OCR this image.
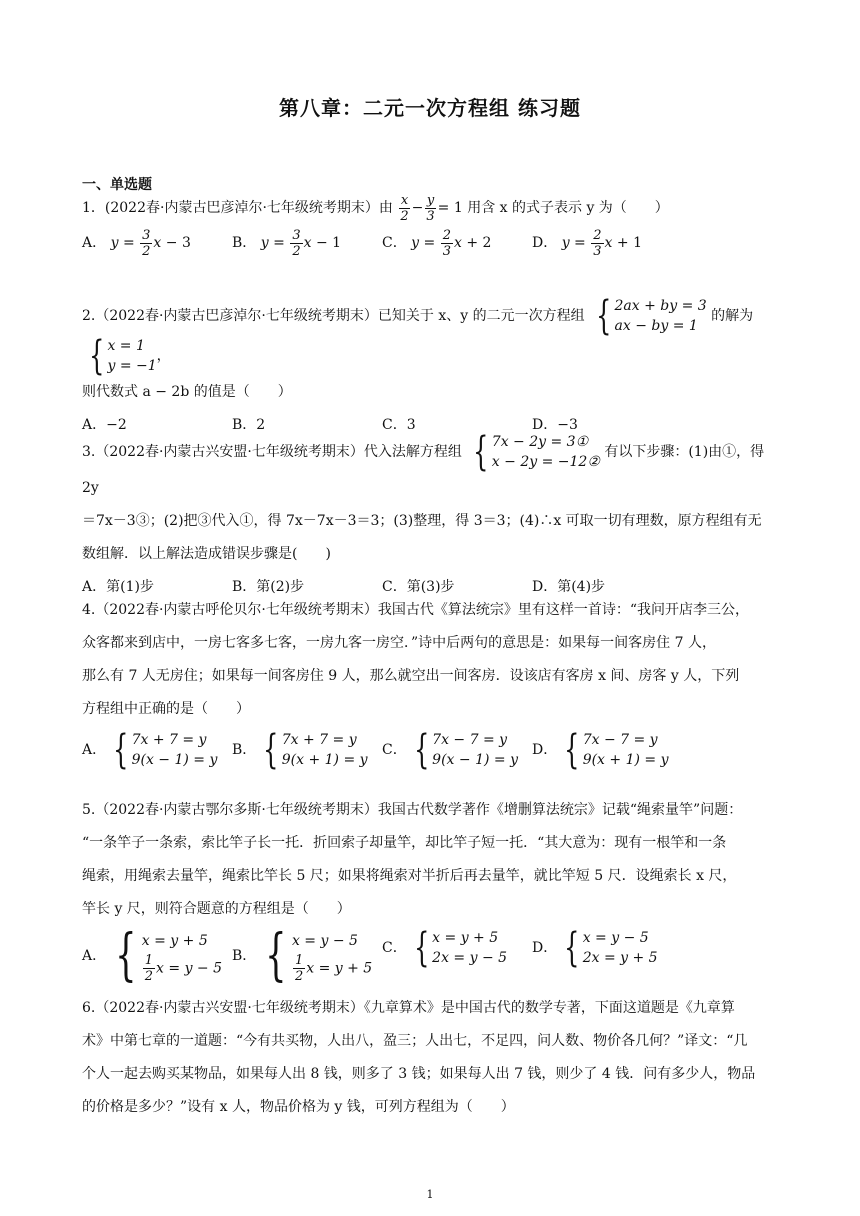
第八章：二元一次方程组 练习题
一、单选题

1．(2022春·内蒙古巴彦淖尔·七年级统考期末）由 $\frac{x}{2} - \frac{y}{3} = 1$ 用含 x 的式子表示 y 为（　　）

A． $y = \frac{3}{2}$ x − 3	B． $y = \frac{3}{2}$ x − 1	C． $y = \frac{2}{3}$ x + 2	D． $y = \frac{2}{3}$ x + 1

2.（2022春·内蒙古巴彦淖尔·七年级统考期末）已知关于 x、y 的二元一次方程组 { 2ax + by = 3
ax − by = 1
的解为
{ x = 1
y = −1
，

则代数式 a − 2b 的值是（　　）

A．−2	B．2	C．3	D．−3

3.（2022春·内蒙古兴安盟·七年级统考期末）代入法解方程组 { 7x − 2y = 3①
x − 2y = −12②
有以下步骤：(1)由①，得 2y

＝7x－3③；(2)把③代入①，得 7x－7x－3＝3；(3)整理，得 3＝3；(4)∴x 可取一切有理数，原方程组有无

数组解．以上解法造成错误步骤是(　　)

A．第(1)步	B．第(2)步	C．第(3)步	D．第(4)步

4.（2022春·内蒙古呼伦贝尔·七年级统考期末）我国古代《算法统宗》里有这样一首诗：“我问开店李三公，

众客都来到店中，一房七客多七客，一房九客一房空．”诗中后两句的意思是：如果每一间客房住 7 人，

那么有 7 人无房住；如果每一间客房住 9 人，那么就空出一间客房．设该店有客房 x 间、房客 y 人，下列

方程组中正确的是（　　）

A． { 7x + 7 = y
9(x − 1) = y
B． { 7x + 7 = y
9(x + 1) = y
C． { 7x − 7 = y
9(x − 1) = y
D． { 7x − 7 = y
9(x + 1) = y

5.（2022春·内蒙古鄂尔多斯·七年级统考期末）我国古代数学著作《增删算法统宗》记载“绳索量竿”问题：

“一条竿子一条索，索比竿子长一托．折回索子却量竿，却比竿子短一托．“其大意为：现有一根竿和一条

绳索，用绳索去量竿，绳索比竿长 5 尺；如果将绳索对半折后再去量竿，就比竿短 5 尺．设绳索长 x 尺，

竿长 y 尺，则符合题意的方程组是（　　）

A． { x = y + 5
$\frac{1}{2}$ x = y − 5
B． { x = y − 5
$\frac{1}{2}$ x = y + 5
C． { x = y + 5
2x = y − 5
D． { x = y − 5
2x = y + 5

6.（2022春·内蒙古兴安盟·七年级统考期末）《九章算术》是中国古代的数学专著，下面这道题是《九章算

术》中第七章的一道题：“今有共买物，人出八，盈三；人出七，不足四，问人数、物价各几何？”译文：“几

个人一起去购买某物品，如果每人出 8 钱，则多了 3 钱；如果每人出 7 钱，则少了 4 钱．问有多少人，物品

的价格是多少？”设有 x 人，物品价格为 y 钱，可列方程组为（　　）

1
